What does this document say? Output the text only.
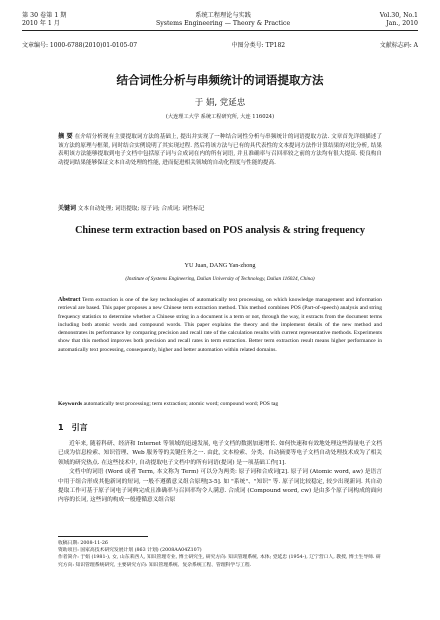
第 30 卷第 1 期	系统工程理论与实践	Vol.30, No.1
2010 年 1 月	Systems Engineering — Theory & Practice	Jan., 2010
文章编号: 1000-6788(2010)01-0105-07	中图分类号: TP182	文献标志码: A
结合词性分析与串频统计的词语提取方法
于 娟, 党延忠
(大连理工大学 系统工程研究所, 大连 116024)
摘 要 在介绍分析现有主要提取词方法的基础上, 提出并实现了一种结合词性分析与串频统计的词语提取方法. 文章首先详细描述了该方法的原理与框架, 同时结合实例说明了其实现过程. 然后将该方法与已有的具代表性的文本提词方法作计算结果的对比分析, 结果表明该方法能够提取到电子文档中包括原子词与合成词在内的所有词语, 并且准确率与召回率较之前的方法均有很大提高. 使良构自动提词结果能够保证文本自动处理的性能, 进而促进相关领域的自动化程度与性能的提高.
关键词 文本自动处理; 词语提取; 原子词; 合成词; 词性标记
Chinese term extraction based on POS analysis & string frequency
YU Juan, DANG Yan-zhong
(Institute of Systems Engineering, Dalian University of Technology, Dalian 116024, China)
Abstract Term extraction is one of the key technologies of automatically text processing, on which knowledge management and information retrieval are based. This paper proposes a new Chinese term extraction method. This method combines POS (Part-of-speech) analysis and string frequency statistics to determine whether a Chinese string in a document is a term or not, through the way, it extracts from the document terms including both atomic words and compound words. This paper explains the theory and the implement details of the new method and demonstrates its performance by comparing precision and recall rate of the calculation results with current representative methods. Experiments show that this method improves both precision and recall rates in term extraction. Better term extraction result means higher performance in automatically text processing, consequently, higher and better automation within related domains.
Keywords automatically text processing; term extraction; atomic word; compound word; POS tag
1 引言

近年来, 随着科研、经济和 Internet 等领域的迅速发展, 电子文档的数据加速增长. 如何快速和有效地处理这些海量电子文档已成为信息检索、知识管理、Web 服务等的关键任务之一. 由此, 文本检索、分类、自动摘要等电子文档自动处理技术成为了相关领域的研究热点. 在这些技术中, 自动提取电子文档中的所有词语(提词) 是一项基础工作[1].

文档中的词语 (Word 或者 Term, 本文称为 Term) 可以分为两类: 原子词和合成词[2]. 原子词 (Atomic word, aw) 是语言中用于组合形成其他新词的短词, 一般不遵循意义组合原理[3-5]. 如 "系统"、"知识" 等. 原子词比较稳定, 较少出现新词. 其自动提取工作可基于原子词电子词典完成且准确率与召回率均令人满意. 合成词 (Compound word, cw) 是由多个原子词构成的面向内容的长词, 这些词的构成一般遵循意义组合原

收稿日期: 2008-11-26
资助项目: 国家高技术研究发展计划 (863 计划) (2008AA04Z107)
作者简介: 于娟 (1981-), 女, 山东莱西人, 知识管理专业, 博士研究生, 研究方向: 知识管理系统, 本体; 党延忠 (1954-), 辽宁营口人, 教授, 博士生导师. 研究方向: 知识管理系统研究, 主要研究方向: 知识管理系统、复杂系统工程、管理科学与工程.
